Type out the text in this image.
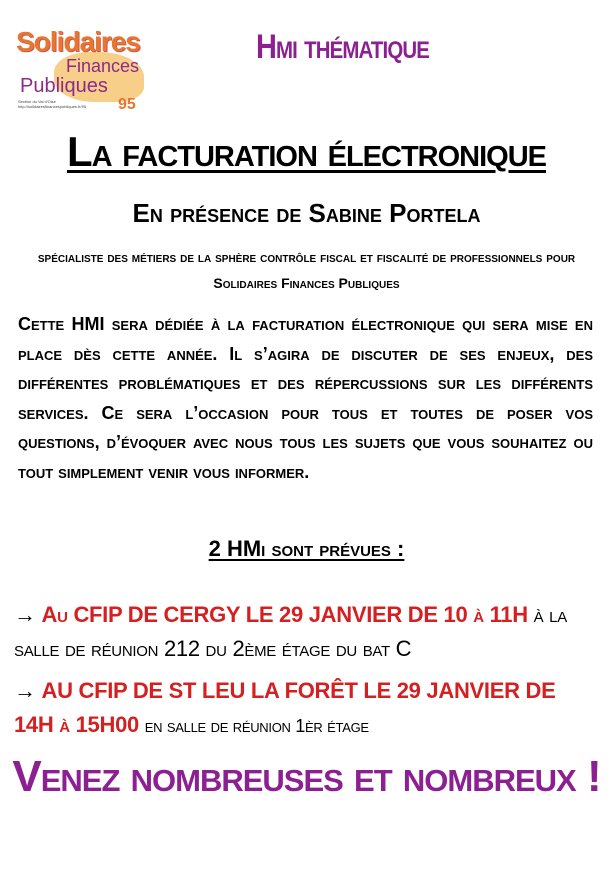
Solidaires
Finances
Publiques
95
Section du Val d'Oise http://solidairesfinancespubliques.fr/95
Hmi thématique
La facturation électronique
En présence de Sabine Portela
spécialiste des métiers de la sphère contrôle fiscal et fiscalité de professionnels pour Solidaires Finances Publiques
Cette HMI sera dédiée à la facturation électronique qui sera mise en place dès cette année. Il s’agira de discuter de ses enjeux, des différentes problématiques et des répercussions sur les différents services. Ce sera l’occasion pour tous et toutes de poser vos questions, d’évoquer avec nous tous les sujets que vous souhaitez ou tout simplement venir vous informer.
2 HMi sont prévues :
→ Au CFIP DE CERGY LE 29 JANVIER DE 10 à 11H à la salle de réunion 212 du 2ème étage du bat C
→ AU CFIP DE ST LEU LA FORÊT LE 29 JANVIER DE 14H à 15H00 en salle de réunion 1èr étage
Venez nombreuses et nombreux !
